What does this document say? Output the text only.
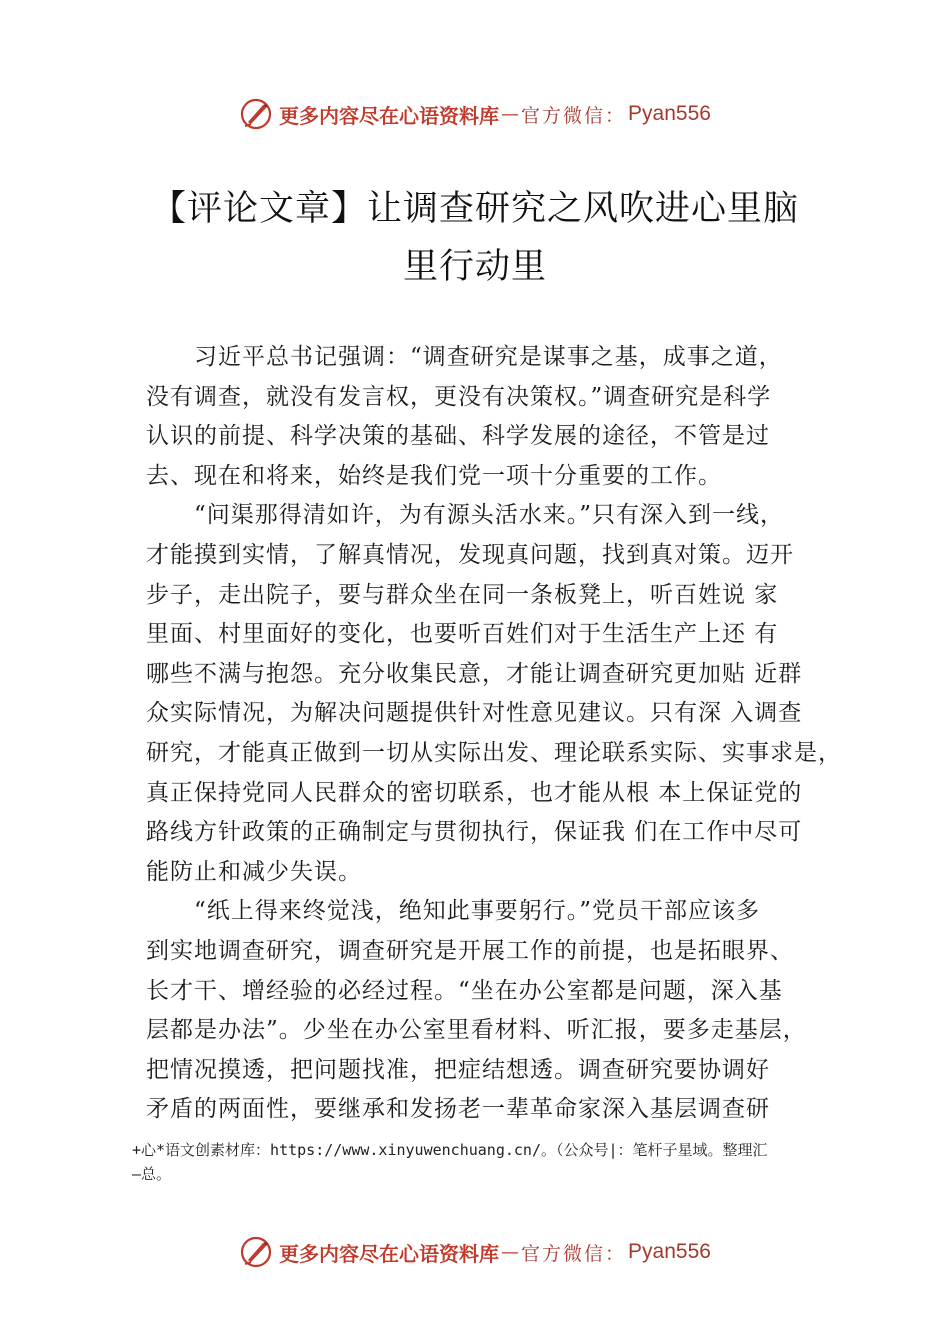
更多内容尽在心语资料库 — 官方微信： Pyan556
【评论文章】让调查研究之风吹进心里脑
里行动里
习近平总书记强调：“调查研究是谋事之基，成事之道，
没有调查，就没有发言权，更没有决策权。”调查研究是科学
认识的前提、科学决策的基础、科学发展的途径，不管是过
去、现在和将来，始终是我们党一项十分重要的工作。
“问渠那得清如许，为有源头活水来。”只有深入到一线，
才能摸到实情，了解真情况，发现真问题，找到真对策。迈开
步子，走出院子，要与群众坐在同一条板凳上，听百姓说 家
里面、村里面好的变化，也要听百姓们对于生活生产上还 有
哪些不满与抱怨。充分收集民意，才能让调查研究更加贴 近群
众实际情况，为解决问题提供针对性意见建议。只有深 入调查
研究，才能真正做到一切从实际出发、理论联系实际、实事求是，
真正保持党同人民群众的密切联系，也才能从根 本上保证党的
路线方针政策的正确制定与贯彻执行，保证我 们在工作中尽可
能防止和减少失误。
“纸上得来终觉浅，绝知此事要躬行。”党员干部应该多
到实地调查研究，调查研究是开展工作的前提，也是拓眼界、
长才干、增经验的必经过程。“坐在办公室都是问题，深入基
层都是办法”。少坐在办公室里看材料、听汇报，要多走基层，
把情况摸透，把问题找准，把症结想透。调查研究要协调好
矛盾的两面性，要继承和发扬老一辈革命家深入基层调查研
+心*语文创素材库：https://www.xinyuwenchuang.cn/。（公众号|：笔杆子星域。整理汇
—总。
更多内容尽在心语资料库 — 官方微信： Pyan556
